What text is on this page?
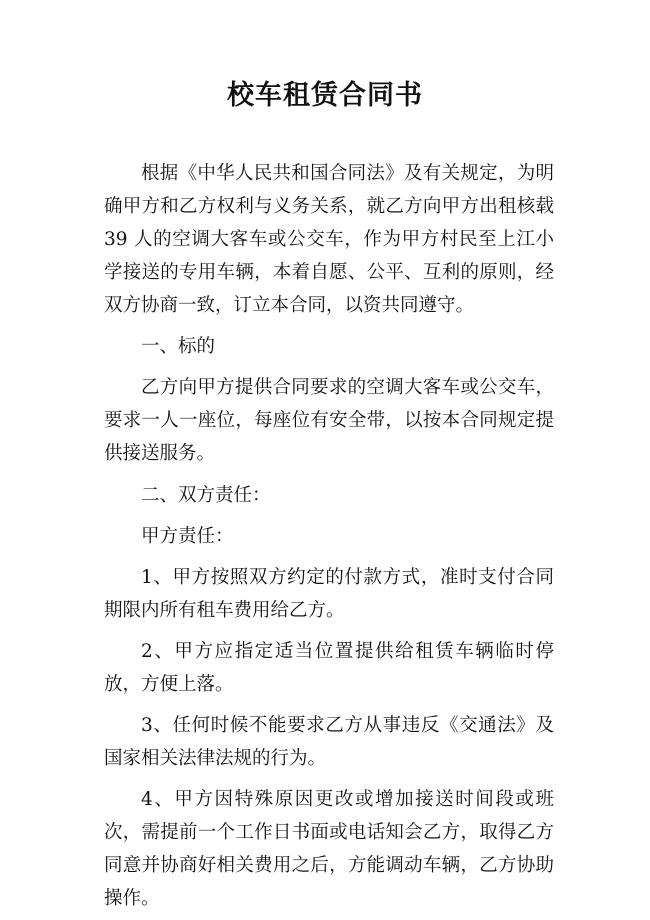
校车租赁合同书

根据《中华人民共和国合同法》及有关规定，为明确甲方和乙方权利与义务关系，就乙方向甲方出租核载 39 人的空调大客车或公交车，作为甲方村民至上江小学接送的专用车辆，本着自愿、公平、互利的原则，经双方协商一致，订立本合同，以资共同遵守。

一、标的

乙方向甲方提供合同要求的空调大客车或公交车，要求一人一座位，每座位有安全带，以按本合同规定提供接送服务。

二、双方责任：

甲方责任：

1、甲方按照双方约定的付款方式，准时支付合同期限内所有租车费用给乙方。

2、甲方应指定适当位置提供给租赁车辆临时停放，方便上落。

3、任何时候不能要求乙方从事违反《交通法》及国家相关法律法规的行为。

4、甲方因特殊原因更改或增加接送时间段或班次，需提前一个工作日书面或电话知会乙方，取得乙方同意并协商好相关费用之后，方能调动车辆，乙方协助操作。
